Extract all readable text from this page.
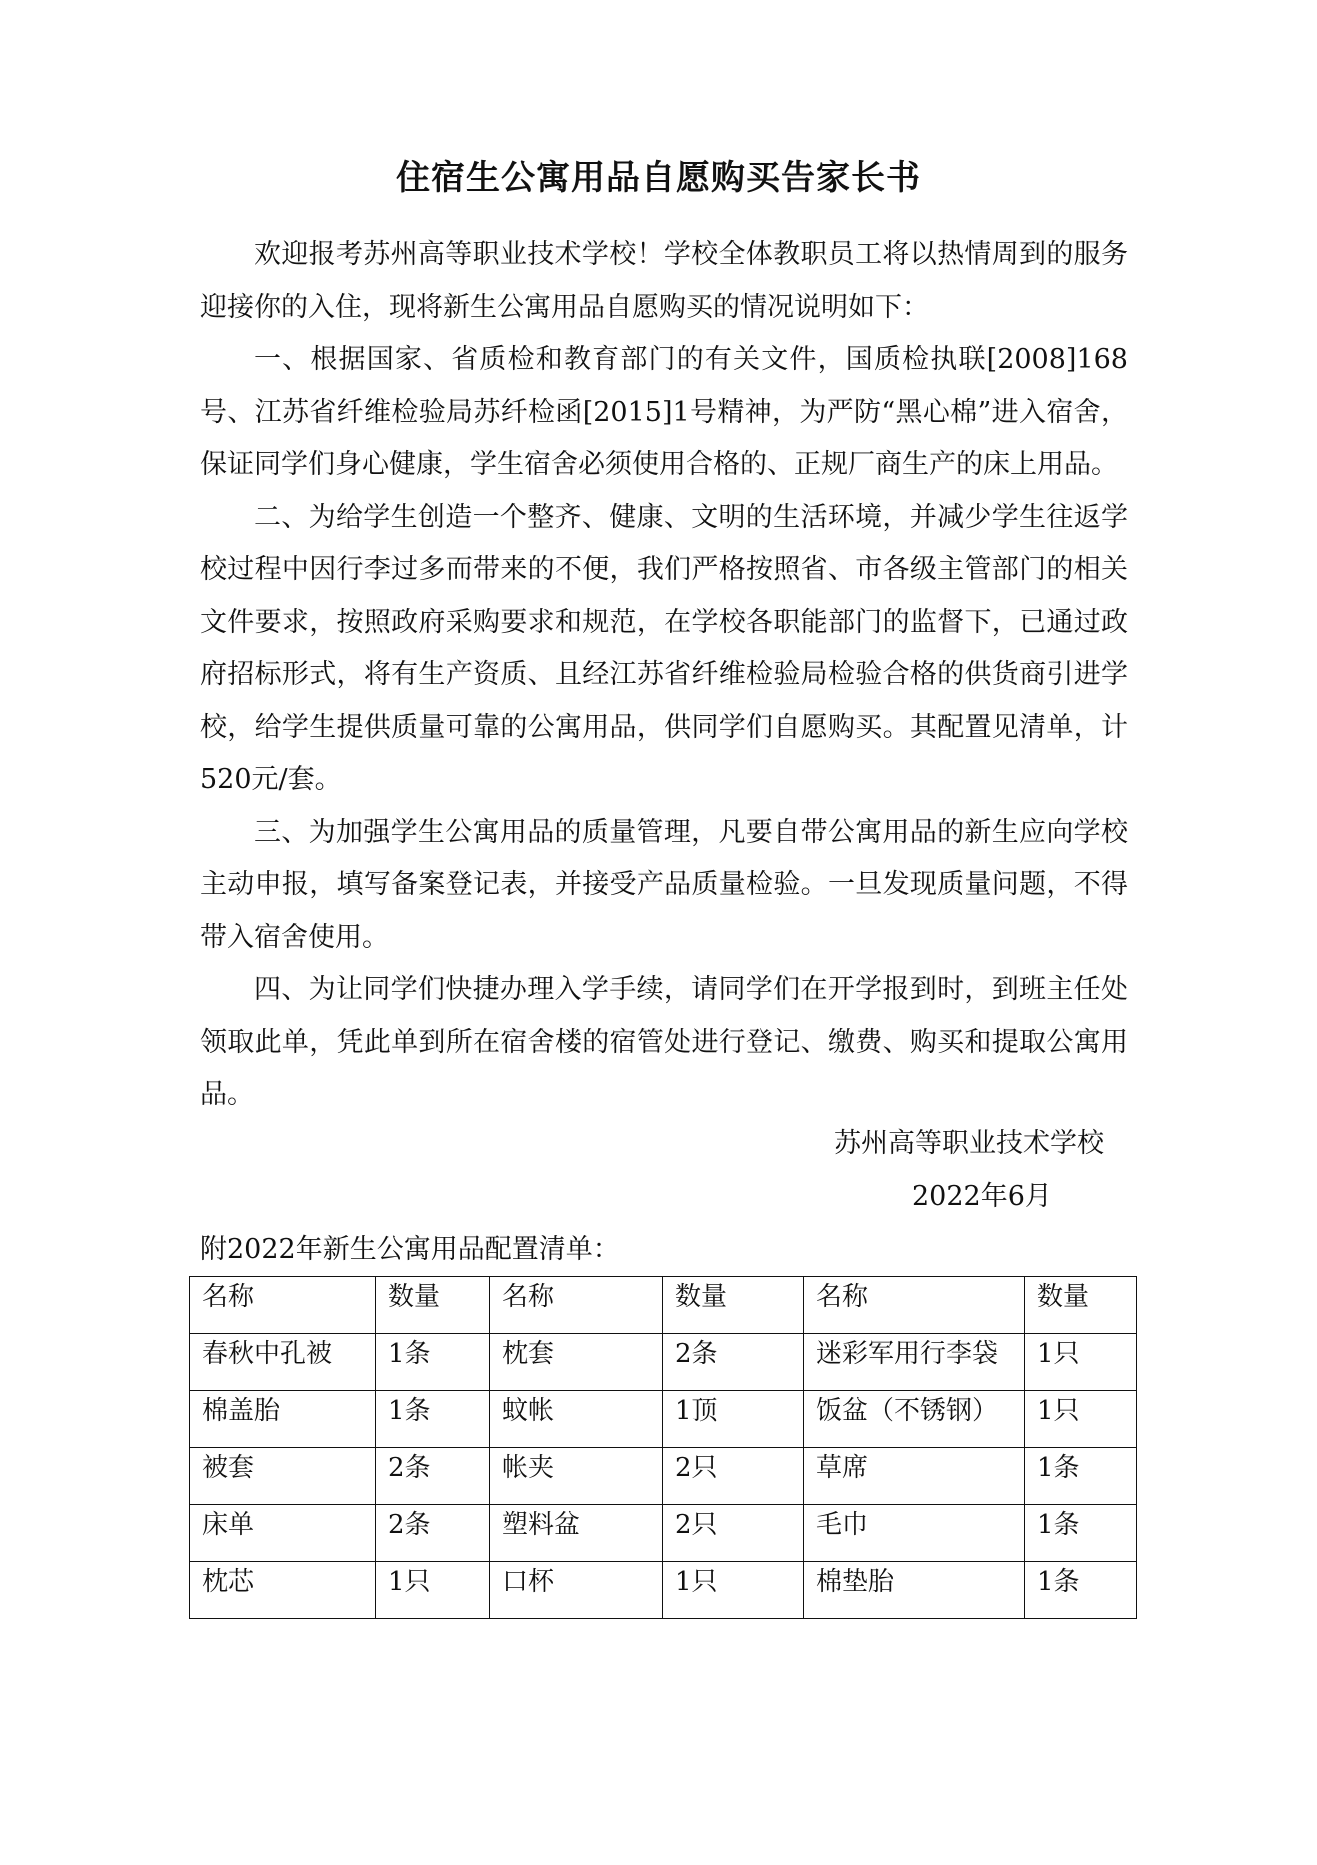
住宿生公寓用品自愿购买告家长书

欢迎报考苏州高等职业技术学校！学校全体教职员工将以热情周到的服务迎接你的入住，现将新生公寓用品自愿购买的情况说明如下：

一、根据国家、省质检和教育部门的有关文件，国质检执联[2008]168号、江苏省纤维检验局苏纤检函[2015]1号精神，为严防“黑心棉”进入宿舍，保证同学们身心健康，学生宿舍必须使用合格的、正规厂商生产的床上用品。

二、为给学生创造一个整齐、健康、文明的生活环境，并减少学生往返学校过程中因行李过多而带来的不便，我们严格按照省、市各级主管部门的相关文件要求，按照政府采购要求和规范，在学校各职能部门的监督下，已通过政府招标形式，将有生产资质、且经江苏省纤维检验局检验合格的供货商引进学校，给学生提供质量可靠的公寓用品，供同学们自愿购买。其配置见清单，计520元/套。

三、为加强学生公寓用品的质量管理，凡要自带公寓用品的新生应向学校主动申报，填写备案登记表，并接受产品质量检验。一旦发现质量问题，不得带入宿舍使用。

四、为让同学们快捷办理入学手续，请同学们在开学报到时，到班主任处领取此单，凭此单到所在宿舍楼的宿管处进行登记、缴费、购买和提取公寓用品。

苏州高等职业技术学校
2022年6月
附2022年新生公寓用品配置清单：
名称	数量	名称	数量	名称	数量
春秋中孔被	1条	枕套	2条	迷彩军用行李袋	1只
棉盖胎	1条	蚊帐	1顶	饭盆（不锈钢）	1只
被套	2条	帐夹	2只	草席	1条
床单	2条	塑料盆	2只	毛巾	1条
枕芯	1只	口杯	1只	棉垫胎	1条
